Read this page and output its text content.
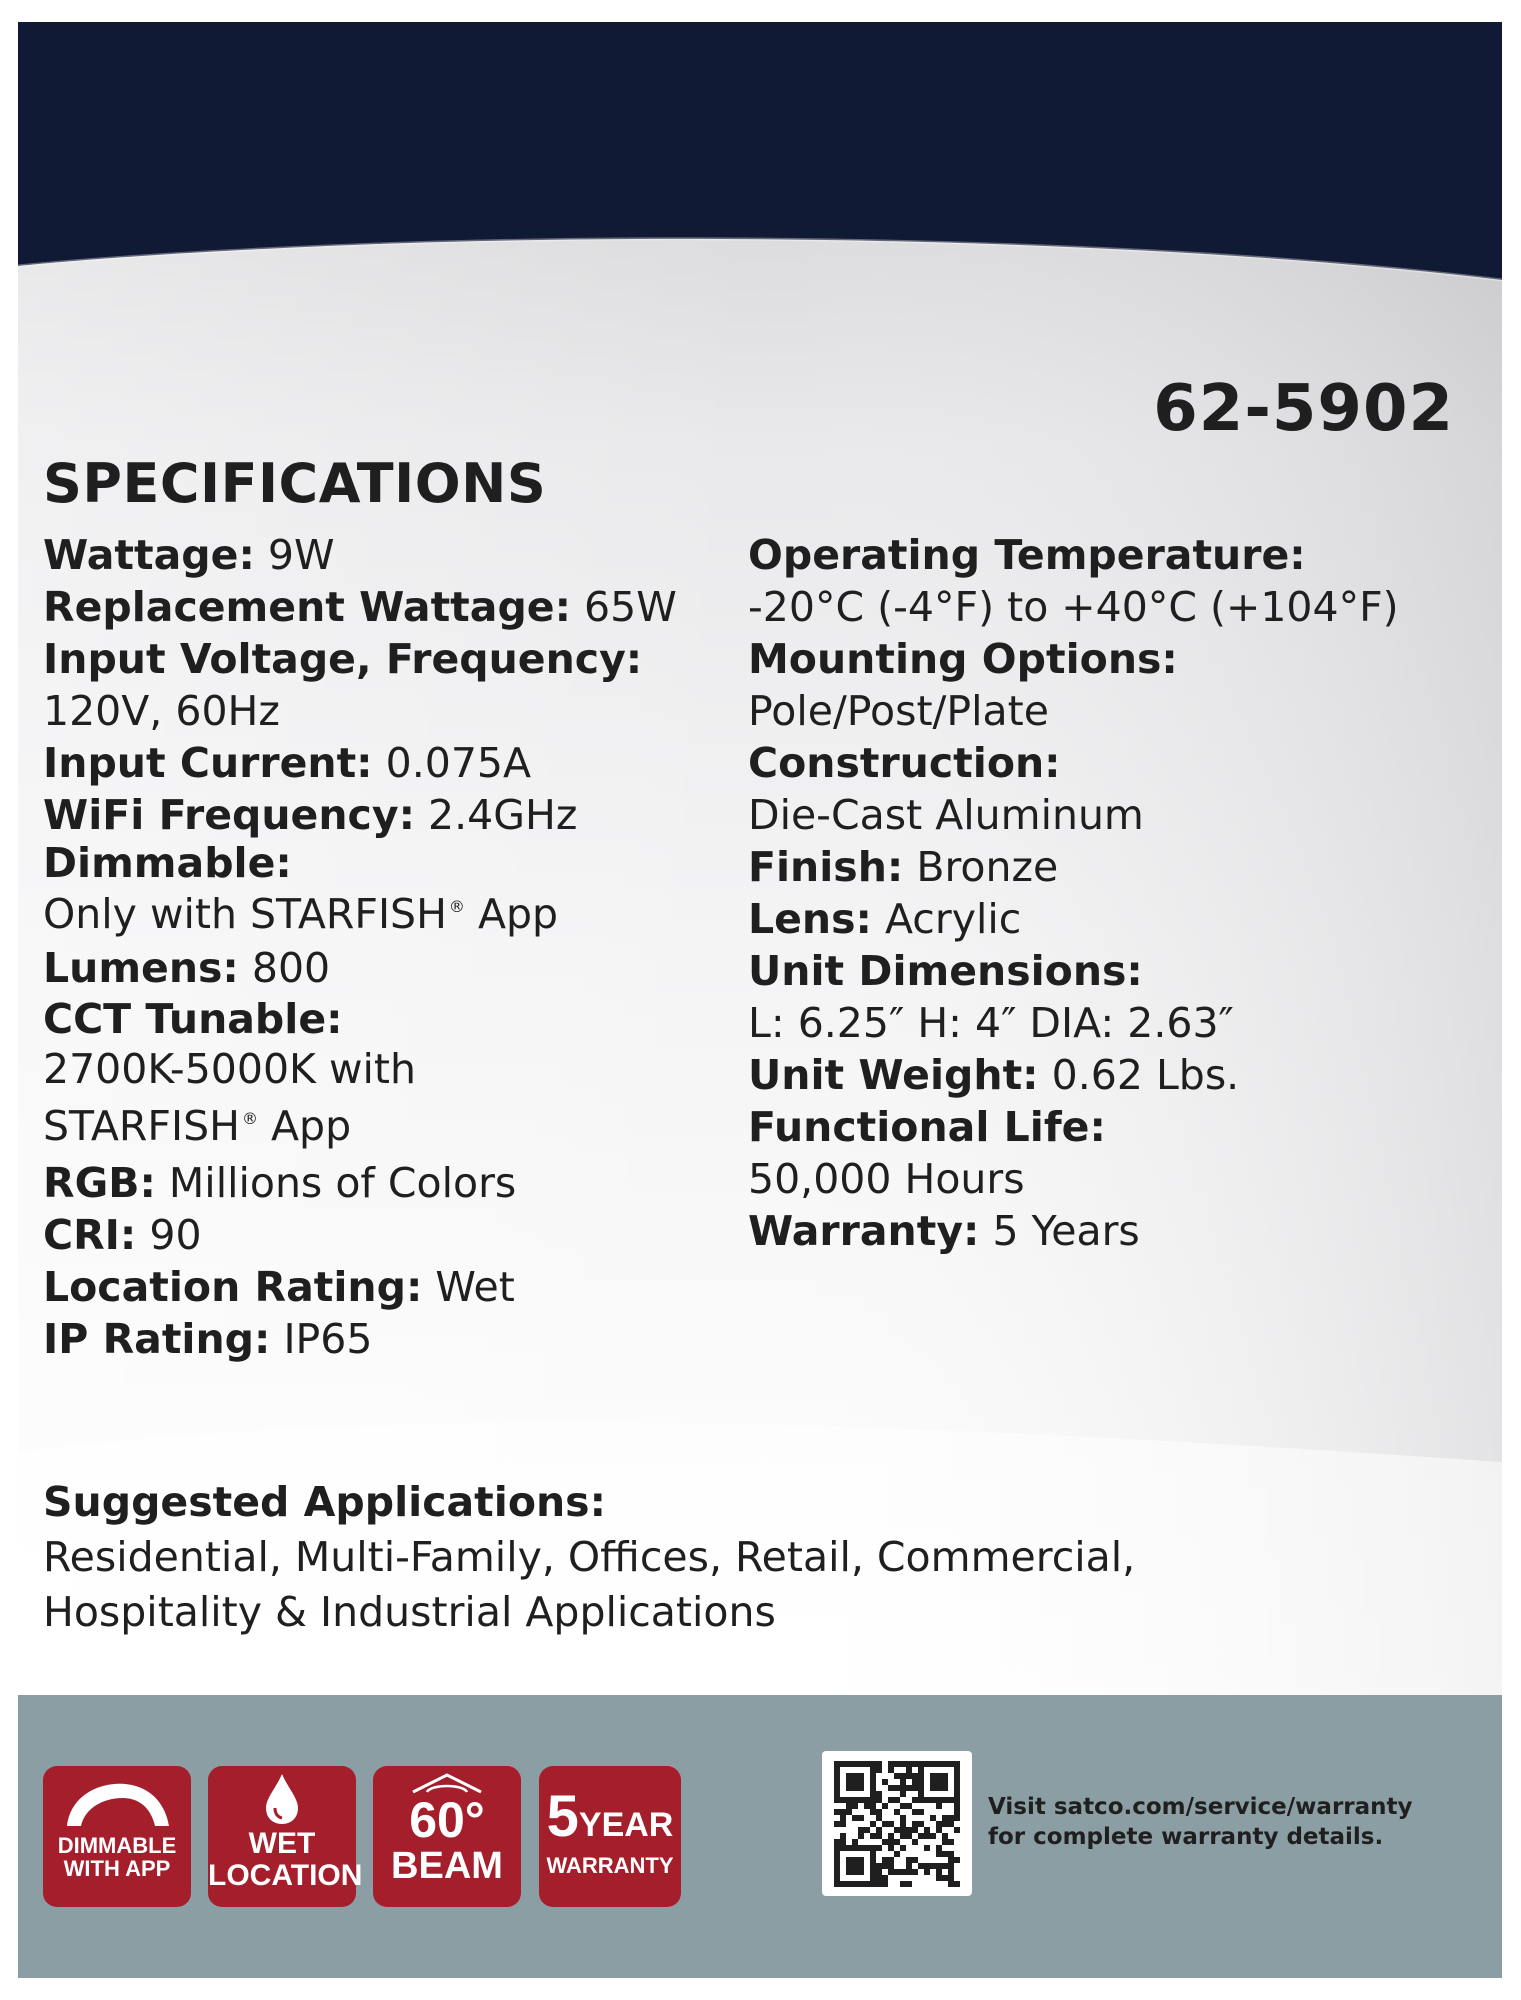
62-5902
SPECIFICATIONS

Wattage: 9W

Replacement Wattage: 65W

Input Voltage, Frequency:
120V, 60Hz

Input Current: 0.075A

WiFi Frequency: 2.4GHz

Dimmable:
Only with STARFISH ® App

Lumens: 800

CCT Tunable:
2700K-5000K with
STARFISH ® App

RGB: Millions of Colors

CRI: 90

Location Rating: Wet

IP Rating: IP65

Operating Temperature:
-20°C (-4°F) to +40°C (+104°F)

Mounting Options:
Pole/Post/Plate

Construction:
Die-Cast Aluminum

Finish: Bronze

Lens: Acrylic

Unit Dimensions:
L: 6.25″ H: 4″ DIA: 2.63″

Unit Weight: 0.62 Lbs.

Functional Life:
50,000 Hours

Warranty: 5 Years

Suggested Applications:
Residential, Multi-Family, Offices, Retail, Commercial,
Hospitality & Industrial Applications
DIMMABLE
WITH APP
WET
LOCATION
60°
BEAM
5YEAR
WARRANTY
Visit satco.com/service/warranty
for complete warranty details.
